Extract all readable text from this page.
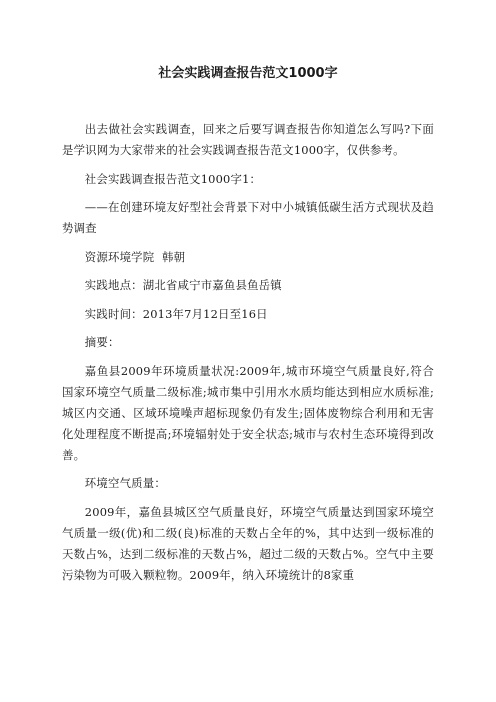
社会实践调查报告范文1000字

出去做社会实践调查，回来之后要写调查报告你知道怎么写吗?下面是学识网为大家带来的社会实践调查报告范文1000字，仅供参考。

社会实践调查报告范文1000字1：

——在创建环境友好型社会背景下对中小城镇低碳生活方式现状及趋势调查

资源环境学院  韩朝

实践地点：湖北省咸宁市嘉鱼县鱼岳镇

实践时间：2013年7月12日至16日

摘要：

嘉鱼县2009年环境质量状况:2009年,城市环境空气质量良好,符合国家环境空气质量二级标准;城市集中引用水水质均能达到相应水质标准;城区内交通、区域环境噪声超标现象仍有发生;固体废物综合利用和无害化处理程度不断提高;环境辐射处于安全状态;城市与农村生态环境得到改善。

环境空气质量：

2009年，嘉鱼县城区空气质量良好，环境空气质量达到国家环境空气质量一级(优)和二级(良)标准的天数占全年的%，其中达到一级标准的天数占%，达到二级标准的天数占%，超过二级的天数占%。空气中主要污染物为可吸入颗粒物。2009年，纳入环境统计的8家重
